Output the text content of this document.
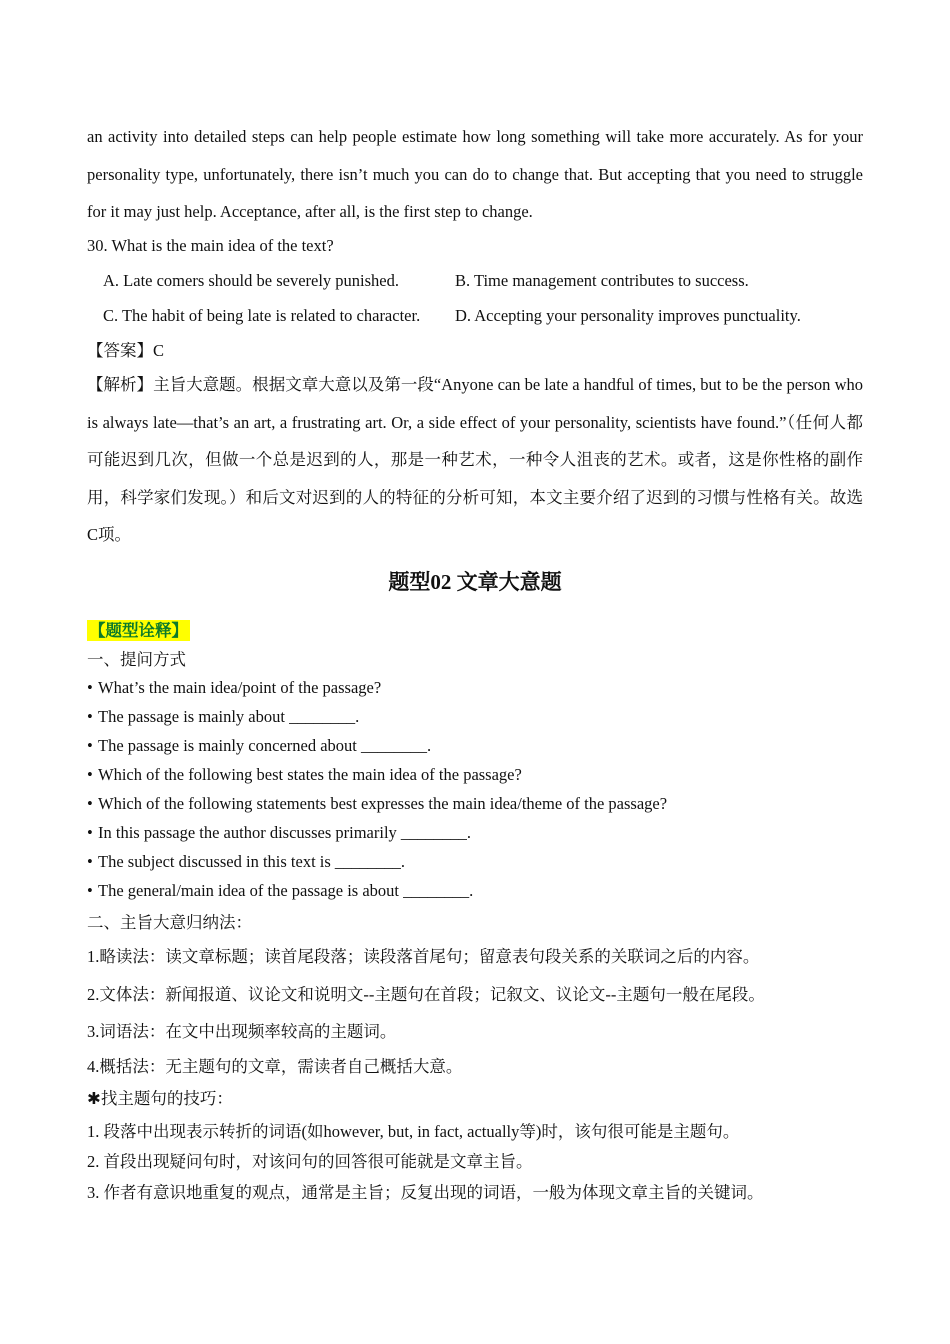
an activity into detailed steps can help people estimate how long something will take more accurately. As for your personality type, unfortunately, there isn’t much you can do to change that. But accepting that you need to struggle for it may just help. Acceptance, after all, is the first step to change.
30. What is the main idea of the text?
A. Late comers should be severely punished.	B. Time management contributes to success.
C. The habit of being late is related to character. D. Accepting your personality improves punctuality.
【答案】C
【解析】主旨大意题。根据文章大意以及第一段“Anyone can be late a handful of times, but to be the person who is always late—that’s an art, a frustrating art. Or, a side effect of your personality, scientists have found.”（任何人都可能迟到几次，但做一个总是迟到的人，那是一种艺术，一种令人沮丧的艺术。或者，这是你性格的副作用，科学家们发现。）和后文对迟到的人的特征的分析可知，本文主要介绍了迟到的习惯与性格有关。故选C项。
题型02 文章大意题
【题型诠释】
一、提问方式
• What’s the main idea/point of the passage?
• The passage is mainly about ________.
• The passage is mainly concerned about ________.
• Which of the following best states the main idea of the passage?
• Which of the following statements best expresses the main idea/theme of the passage?
• In this passage the author discusses primarily ________.
• The subject discussed in this text is ________.
• The general/main idea of the passage is about ________.
二、主旨大意归纳法：
1.略读法：读文章标题；读首尾段落；读段落首尾句；留意表句段关系的关联词之后的内容。
2.文体法：新闻报道、议论文和说明文--主题句在首段；记叙文、议论文--主题句一般在尾段。
3.词语法：在文中出现频率较高的主题词。
4.概括法：无主题句的文章，需读者自己概括大意。
✱找主题句的技巧：
1. 段落中出现表示转折的词语(如however, but, in fact, actually等)时，该句很可能是主题句。
2. 首段出现疑问句时，对该问句的回答很可能就是文章主旨。
3. 作者有意识地重复的观点，通常是主旨；反复出现的词语，一般为体现文章主旨的关键词。
